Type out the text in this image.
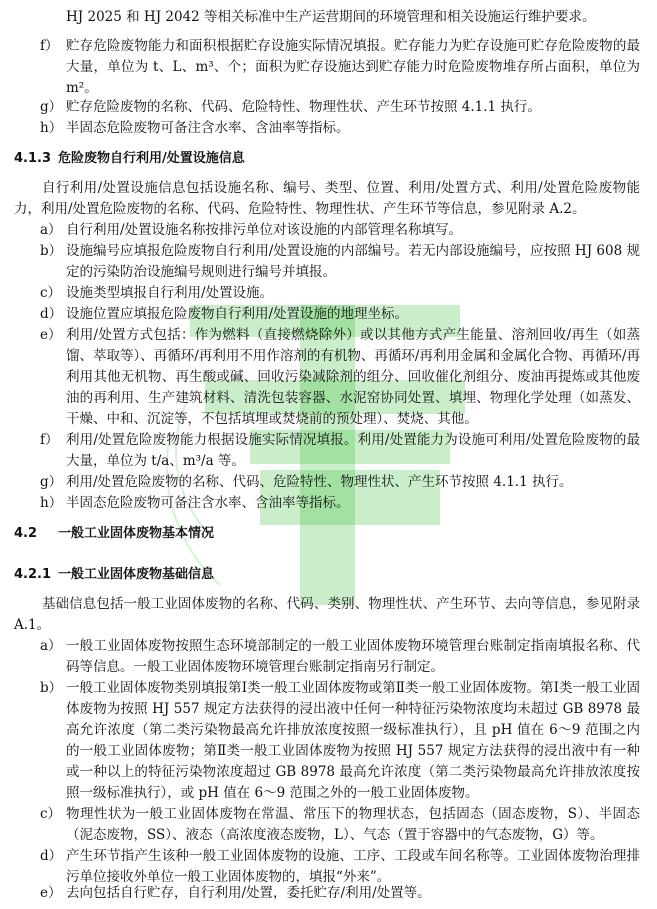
HJ 2025 和 HJ 2042 等相关标准中生产运营期间的环境管理和相关设施运行维护要求。
f） 贮存危险废物能力和面积根据贮存设施实际情况填报。贮存能力为贮存设施可贮存危险废物的最大量，单位为 t、L、m³、个；面积为贮存设施达到贮存能力时危险废物堆存所占面积，单位为m²。
g） 贮存危险废物的名称、代码、危险特性、物理性状、产生环节按照 4.1.1 执行。
h） 半固态危险废物可备注含水率、含油率等指标。
4.1.3 危险废物自行利用/处置设施信息
自行利用/处置设施信息包括设施名称、编号、类型、位置、利用/处置方式、利用/处置危险废物能力，利用/处置危险废物的名称、代码、危险特性、物理性状、产生环节等信息，参见附录 A.2。
a） 自行利用/处置设施名称按排污单位对该设施的内部管理名称填写。
b） 设施编号应填报危险废物自行利用/处置设施的内部编号。若无内部设施编号，应按照 HJ 608 规定的污染防治设施编号规则进行编号并填报。
c） 设施类型填报自行利用/处置设施。
d） 设施位置应填报危险废物自行利用/处置设施的地理坐标。
e） 利用/处置方式包括：作为燃料（直接燃烧除外）或以其他方式产生能量、溶剂回收/再生（如蒸馏、萃取等）、再循环/再利用不用作溶剂的有机物、再循环/再利用金属和金属化合物、再循环/再利用其他无机物、再生酸或碱、回收污染减除剂的组分、回收催化剂组分、废油再提炼或其他废油的再利用、生产建筑材料、清洗包装容器、水泥窑协同处置、填埋、物理化学处理（如蒸发、干燥、中和、沉淀等，不包括填埋或焚烧前的预处理）、焚烧、其他。
f） 利用/处置危险废物能力根据设施实际情况填报。利用/处置能力为设施可利用/处置危险废物的最大量，单位为 t/a、m³/a 等。
g） 利用/处置危险废物的名称、代码、危险特性、物理性状、产生环节按照 4.1.1 执行。
h） 半固态危险废物可备注含水率、含油率等指标。
4.2 一般工业固体废物基本情况
4.2.1 一般工业固体废物基础信息
基础信息包括一般工业固体废物的名称、代码、类别、物理性状、产生环节、去向等信息，参见附录 A.1。
a） 一般工业固体废物按照生态环境部制定的一般工业固体废物环境管理台账制定指南填报名称、代码等信息。一般工业固体废物环境管理台账制定指南另行制定。
b） 一般工业固体废物类别填报第Ⅰ类一般工业固体废物或第Ⅱ类一般工业固体废物。第Ⅰ类一般工业固体废物为按照 HJ 557 规定方法获得的浸出液中任何一种特征污染物浓度均未超过 GB 8978 最高允许浓度（第二类污染物最高允许排放浓度按照一级标准执行），且 pH 值在 6～9 范围之内的一般工业固体废物；第Ⅱ类一般工业固体废物为按照 HJ 557 规定方法获得的浸出液中有一种或一种以上的特征污染物浓度超过 GB 8978 最高允许浓度（第二类污染物最高允许排放浓度按照一级标准执行），或 pH 值在 6～9 范围之外的一般工业固体废物。
c） 物理性状为一般工业固体废物在常温、常压下的物理状态，包括固态（固态废物，S）、半固态（泥态废物，SS）、液态（高浓度液态废物，L）、气态（置于容器中的气态废物，G）等。
d） 产生环节指产生该种一般工业固体废物的设施、工序、工段或车间名称等。工业固体废物治理排污单位接收外单位一般工业固体废物的，填报“外来”。
e） 去向包括自行贮存，自行利用/处置，委托贮存/利用/处置等。
